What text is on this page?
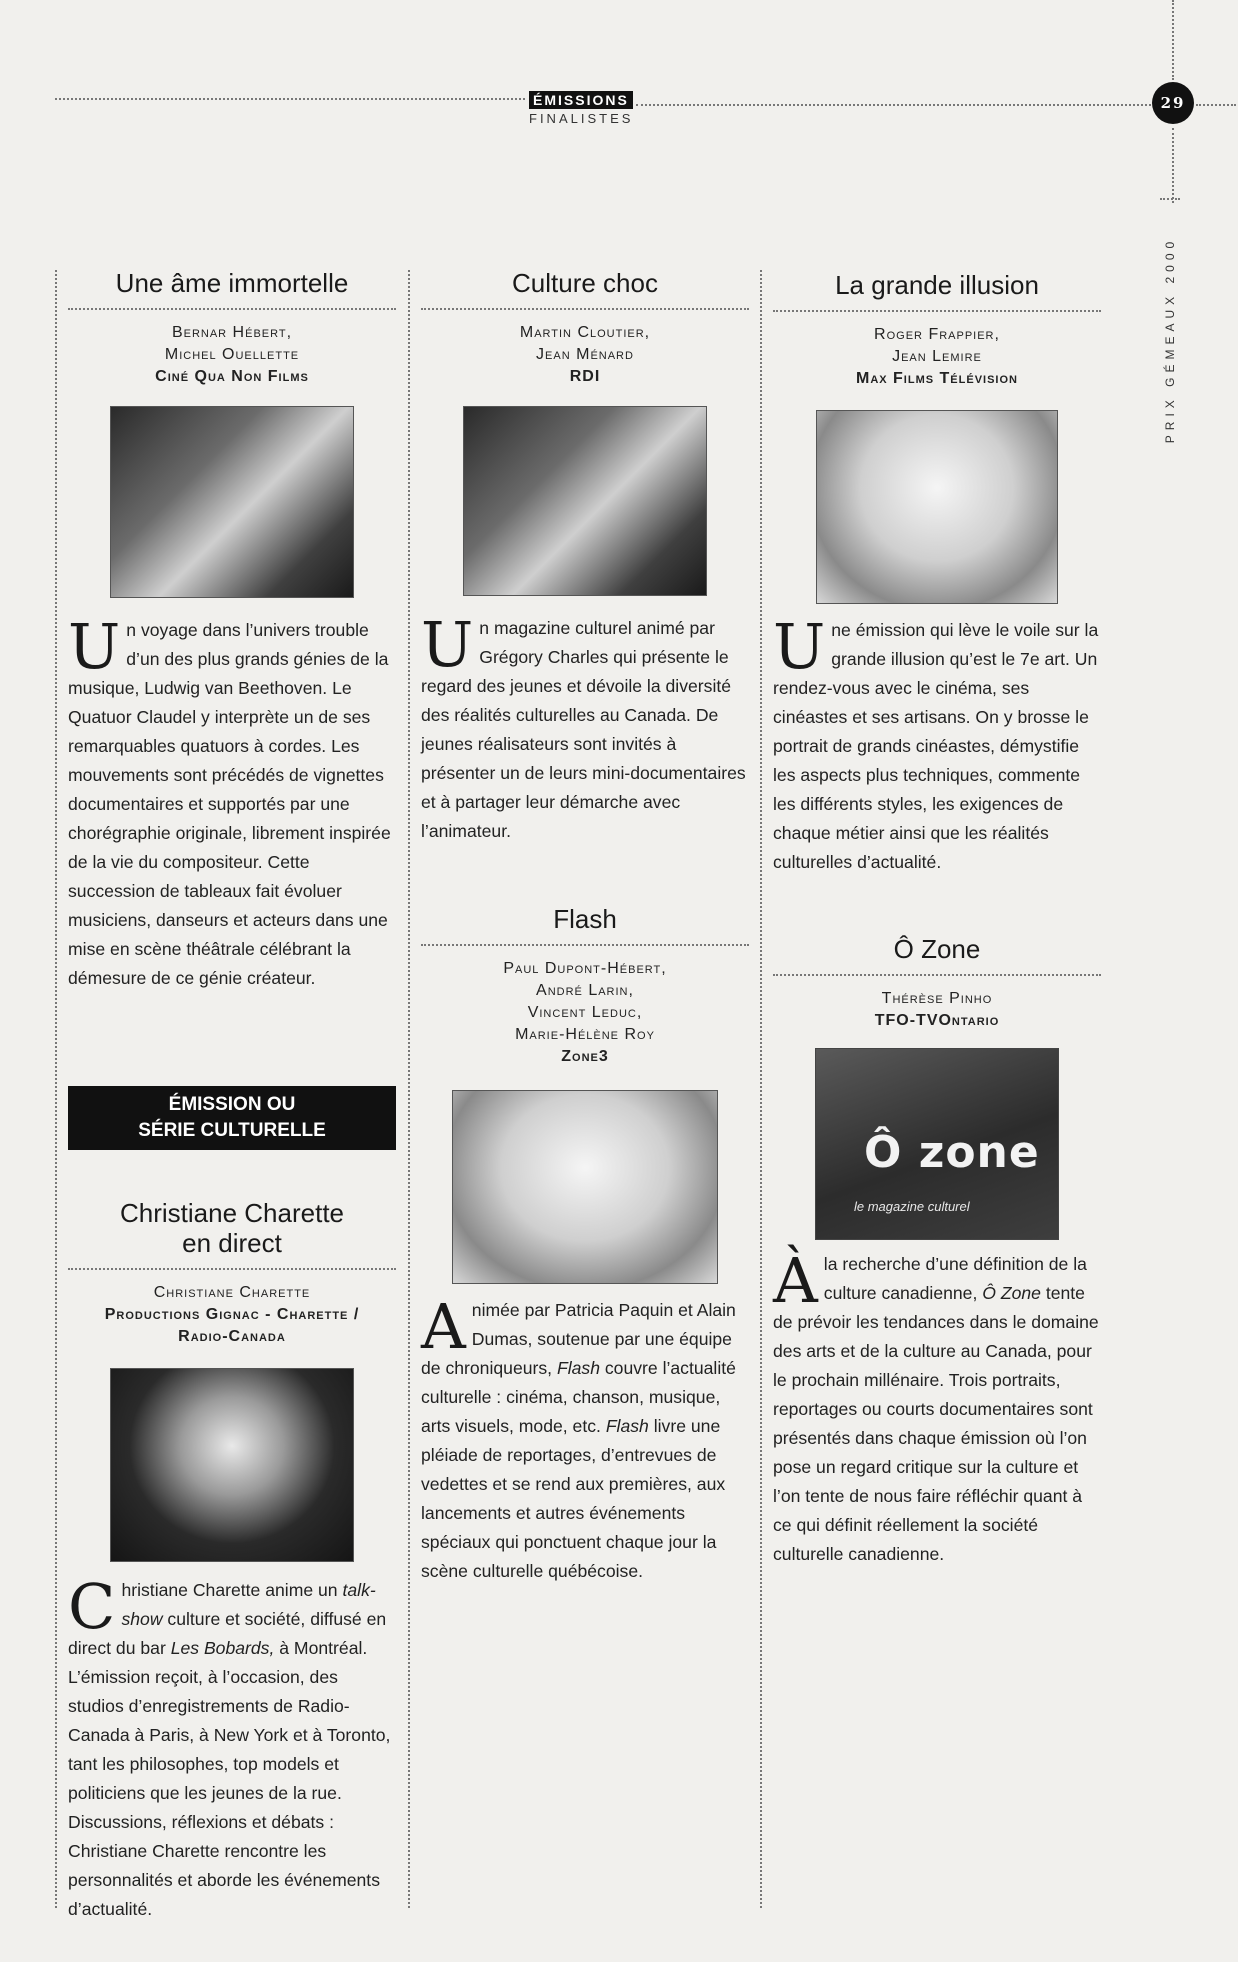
ÉMISSIONS
FINALISTES
29
PRIX GÉMEAUX 2000
Une âme immortelle
Bernar Hébert,
Michel Ouellette
Ciné Qua Non Films
Un voyage dans l’univers trouble d’un des plus grands génies de la musique, Ludwig van Beethoven. Le Quatuor Claudel y interprète un de ses remarquables quatuors à cordes. Les mouvements sont précédés de vignettes documentaires et supportés par une chorégraphie originale, librement inspirée de la vie du compositeur. Cette succession de tableaux fait évoluer musiciens, danseurs et acteurs dans une mise en scène théâtrale célébrant la démesure de ce génie créateur.
ÉMISSION OU
SÉRIE CULTURELLE
Christiane Charette
en direct
Christiane Charette
Productions Gignac - Charette /
Radio-Canada
Christiane Charette anime un talk-show culture et société, diffusé en direct du bar Les Bobards, à Montréal. L’émission reçoit, à l’occasion, des studios d’enregistrements de Radio-Canada à Paris, à New York et à Toronto, tant les philosophes, top models et politiciens que les jeunes de la rue. Discussions, réflexions et débats : Christiane Charette rencontre les personnalités et aborde les événements d’actualité.
Culture choc
Martin Cloutier,
Jean Ménard
RDI
Un magazine culturel animé par Grégory Charles qui présente le regard des jeunes et dévoile la diversité des réalités culturelles au Canada. De jeunes réalisateurs sont invités à présenter un de leurs mini-documentaires et à partager leur démarche avec l’animateur.
Flash
Paul Dupont-Hébert,
André Larin,
Vincent Leduc,
Marie-Hélène Roy
Zone3
Animée par Patricia Paquin et Alain Dumas, soutenue par une équipe de chroniqueurs, Flash couvre l’actualité culturelle : cinéma, chanson, musique, arts visuels, mode, etc. Flash livre une pléiade de reportages, d’entrevues de vedettes et se rend aux premières, aux lancements et autres événements spéciaux qui ponctuent chaque jour la scène culturelle québécoise.
La grande illusion
Roger Frappier,
Jean Lemire
Max Films Télévision
Une émission qui lève le voile sur la grande illusion qu’est le 7e art. Un rendez-vous avec le cinéma, ses cinéastes et ses artisans. On y brosse le portrait de grands cinéastes, démystifie les aspects plus techniques, commente les différents styles, les exigences de chaque métier ainsi que les réalités culturelles d’actualité.
Ô Zone
Thérèse Pinho
TFO-TVOntario
Ô zone
le magazine culturel
À la recherche d’une définition de la culture canadienne, Ô Zone tente de prévoir les tendances dans le domaine des arts et de la culture au Canada, pour le prochain millénaire. Trois portraits, reportages ou courts documentaires sont présentés dans chaque émission où l’on pose un regard critique sur la culture et l’on tente de nous faire réfléchir quant à ce qui définit réellement la société culturelle canadienne.
